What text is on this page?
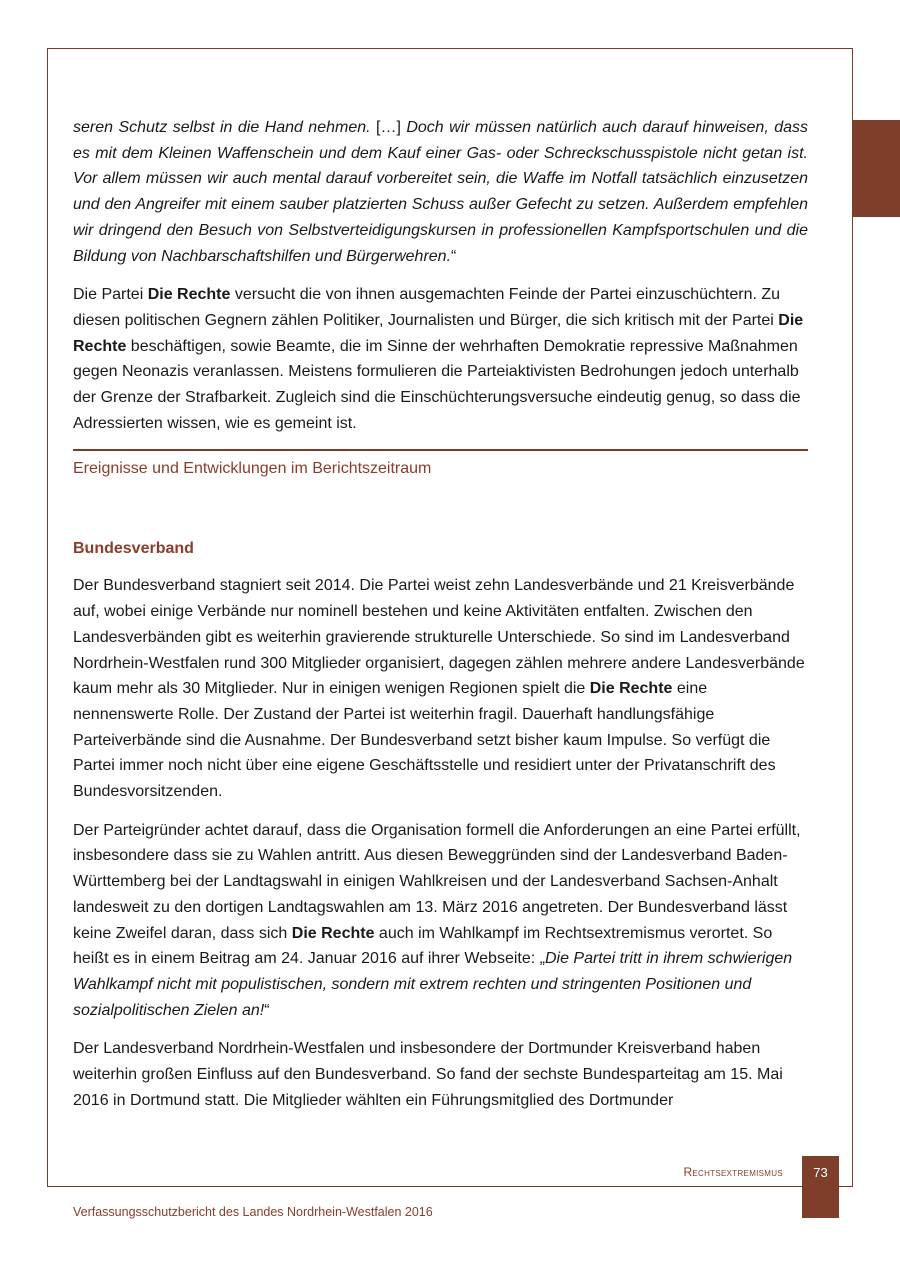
seren Schutz selbst in die Hand nehmen. […] Doch wir müssen natürlich auch darauf hinweisen, dass es mit dem Kleinen Waffenschein und dem Kauf einer Gas- oder Schreckschusspistole nicht getan ist. Vor allem müssen wir auch mental darauf vorbereitet sein, die Waffe im Notfall tatsächlich einzusetzen und den Angreifer mit einem sauber platzierten Schuss außer Gefecht zu setzen. Außerdem empfehlen wir dringend den Besuch von Selbstverteidigungskursen in professionellen Kampfsportschulen und die Bildung von Nachbarschaftshilfen und Bürgerwehren.“

Die Partei Die Rechte versucht die von ihnen ausgemachten Feinde der Partei einzuschüchtern. Zu diesen politischen Gegnern zählen Politiker, Journalisten und Bürger, die sich kritisch mit der Partei Die Rechte beschäftigen, sowie Beamte, die im Sinne der wehrhaften Demokratie repressive Maßnahmen gegen Neonazis veranlassen. Meistens formulieren die Parteiaktivisten Bedrohungen jedoch unterhalb der Grenze der Strafbarkeit. Zugleich sind die Einschüchterungsversuche eindeutig genug, so dass die Adressierten wissen, wie es gemeint ist.

Ereignisse und Entwicklungen im Berichtszeitraum
Bundesverband

Der Bundesverband stagniert seit 2014. Die Partei weist zehn Landesverbände und 21 Kreisverbände auf, wobei einige Verbände nur nominell bestehen und keine Aktivitäten entfalten. Zwischen den Landesverbänden gibt es weiterhin gravierende strukturelle Unterschiede. So sind im Landesverband Nordrhein-Westfalen rund 300 Mitglieder organisiert, dagegen zählen mehrere andere Landesverbände kaum mehr als 30 Mitglieder. Nur in einigen wenigen Regionen spielt die Die Rechte eine nennenswerte Rolle. Der Zustand der Partei ist weiterhin fragil. Dauerhaft handlungsfähige Parteiverbände sind die Ausnahme. Der Bundesverband setzt bisher kaum Impulse. So verfügt die Partei immer noch nicht über eine eigene Geschäftsstelle und residiert unter der Privatanschrift des Bundesvorsitzenden.

Der Parteigründer achtet darauf, dass die Organisation formell die Anforderungen an eine Partei erfüllt, insbesondere dass sie zu Wahlen antritt. Aus diesen Beweggründen sind der Landesverband Baden-Württemberg bei der Landtagswahl in einigen Wahlkreisen und der Landesverband Sachsen-Anhalt landesweit zu den dortigen Landtagswahlen am 13. März 2016 angetreten. Der Bundesverband lässt keine Zweifel daran, dass sich Die Rechte auch im Wahlkampf im Rechtsextremismus verortet. So heißt es in einem Beitrag am 24. Januar 2016 auf ihrer Webseite: „Die Partei tritt in ihrem schwierigen Wahlkampf nicht mit populistischen, sondern mit extrem rechten und stringenten Positionen und sozialpolitischen Zielen an!“

Der Landesverband Nordrhein-Westfalen und insbesondere der Dortmunder Kreisverband haben weiterhin großen Einfluss auf den Bundesverband. So fand der sechste Bundesparteitag am 15. Mai 2016 in Dortmund statt. Die Mitglieder wählten ein Führungsmitglied des Dortmunder

Rechtsextremismus	73
Verfassungsschutzbericht des Landes Nordrhein-Westfalen 2016
